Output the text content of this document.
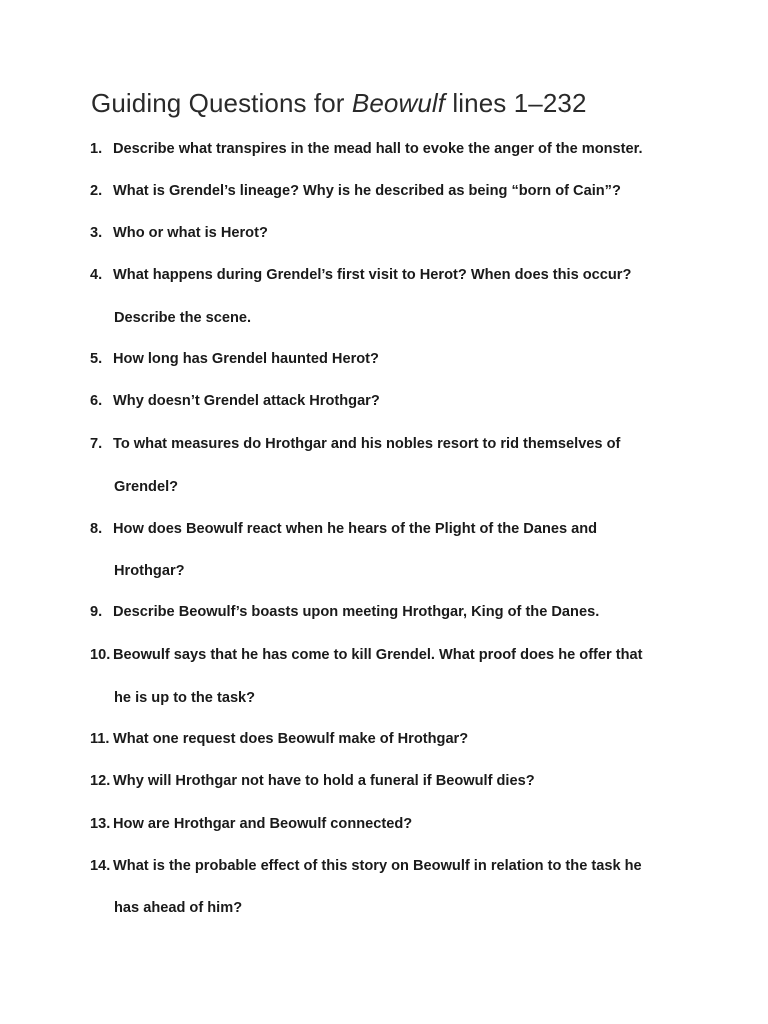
Guiding Questions for Beowulf lines 1–232
1. Describe what transpires in the mead hall to evoke the anger of the monster.
2. What is Grendel’s lineage? Why is he described as being “born of Cain”?
3. Who or what is Herot?
4. What happens during Grendel’s first visit to Herot? When does this occur?
Describe the scene.
5. How long has Grendel haunted Herot?
6. Why doesn’t Grendel attack Hrothgar?
7. To what measures do Hrothgar and his nobles resort to rid themselves of
Grendel?
8. How does Beowulf react when he hears of the Plight of the Danes and
Hrothgar?
9. Describe Beowulf’s boasts upon meeting Hrothgar, King of the Danes.
10. Beowulf says that he has come to kill Grendel. What proof does he offer that
he is up to the task?
11. What one request does Beowulf make of Hrothgar?
12. Why will Hrothgar not have to hold a funeral if Beowulf dies?
13. How are Hrothgar and Beowulf connected?
14. What is the probable effect of this story on Beowulf in relation to the task he
has ahead of him?
